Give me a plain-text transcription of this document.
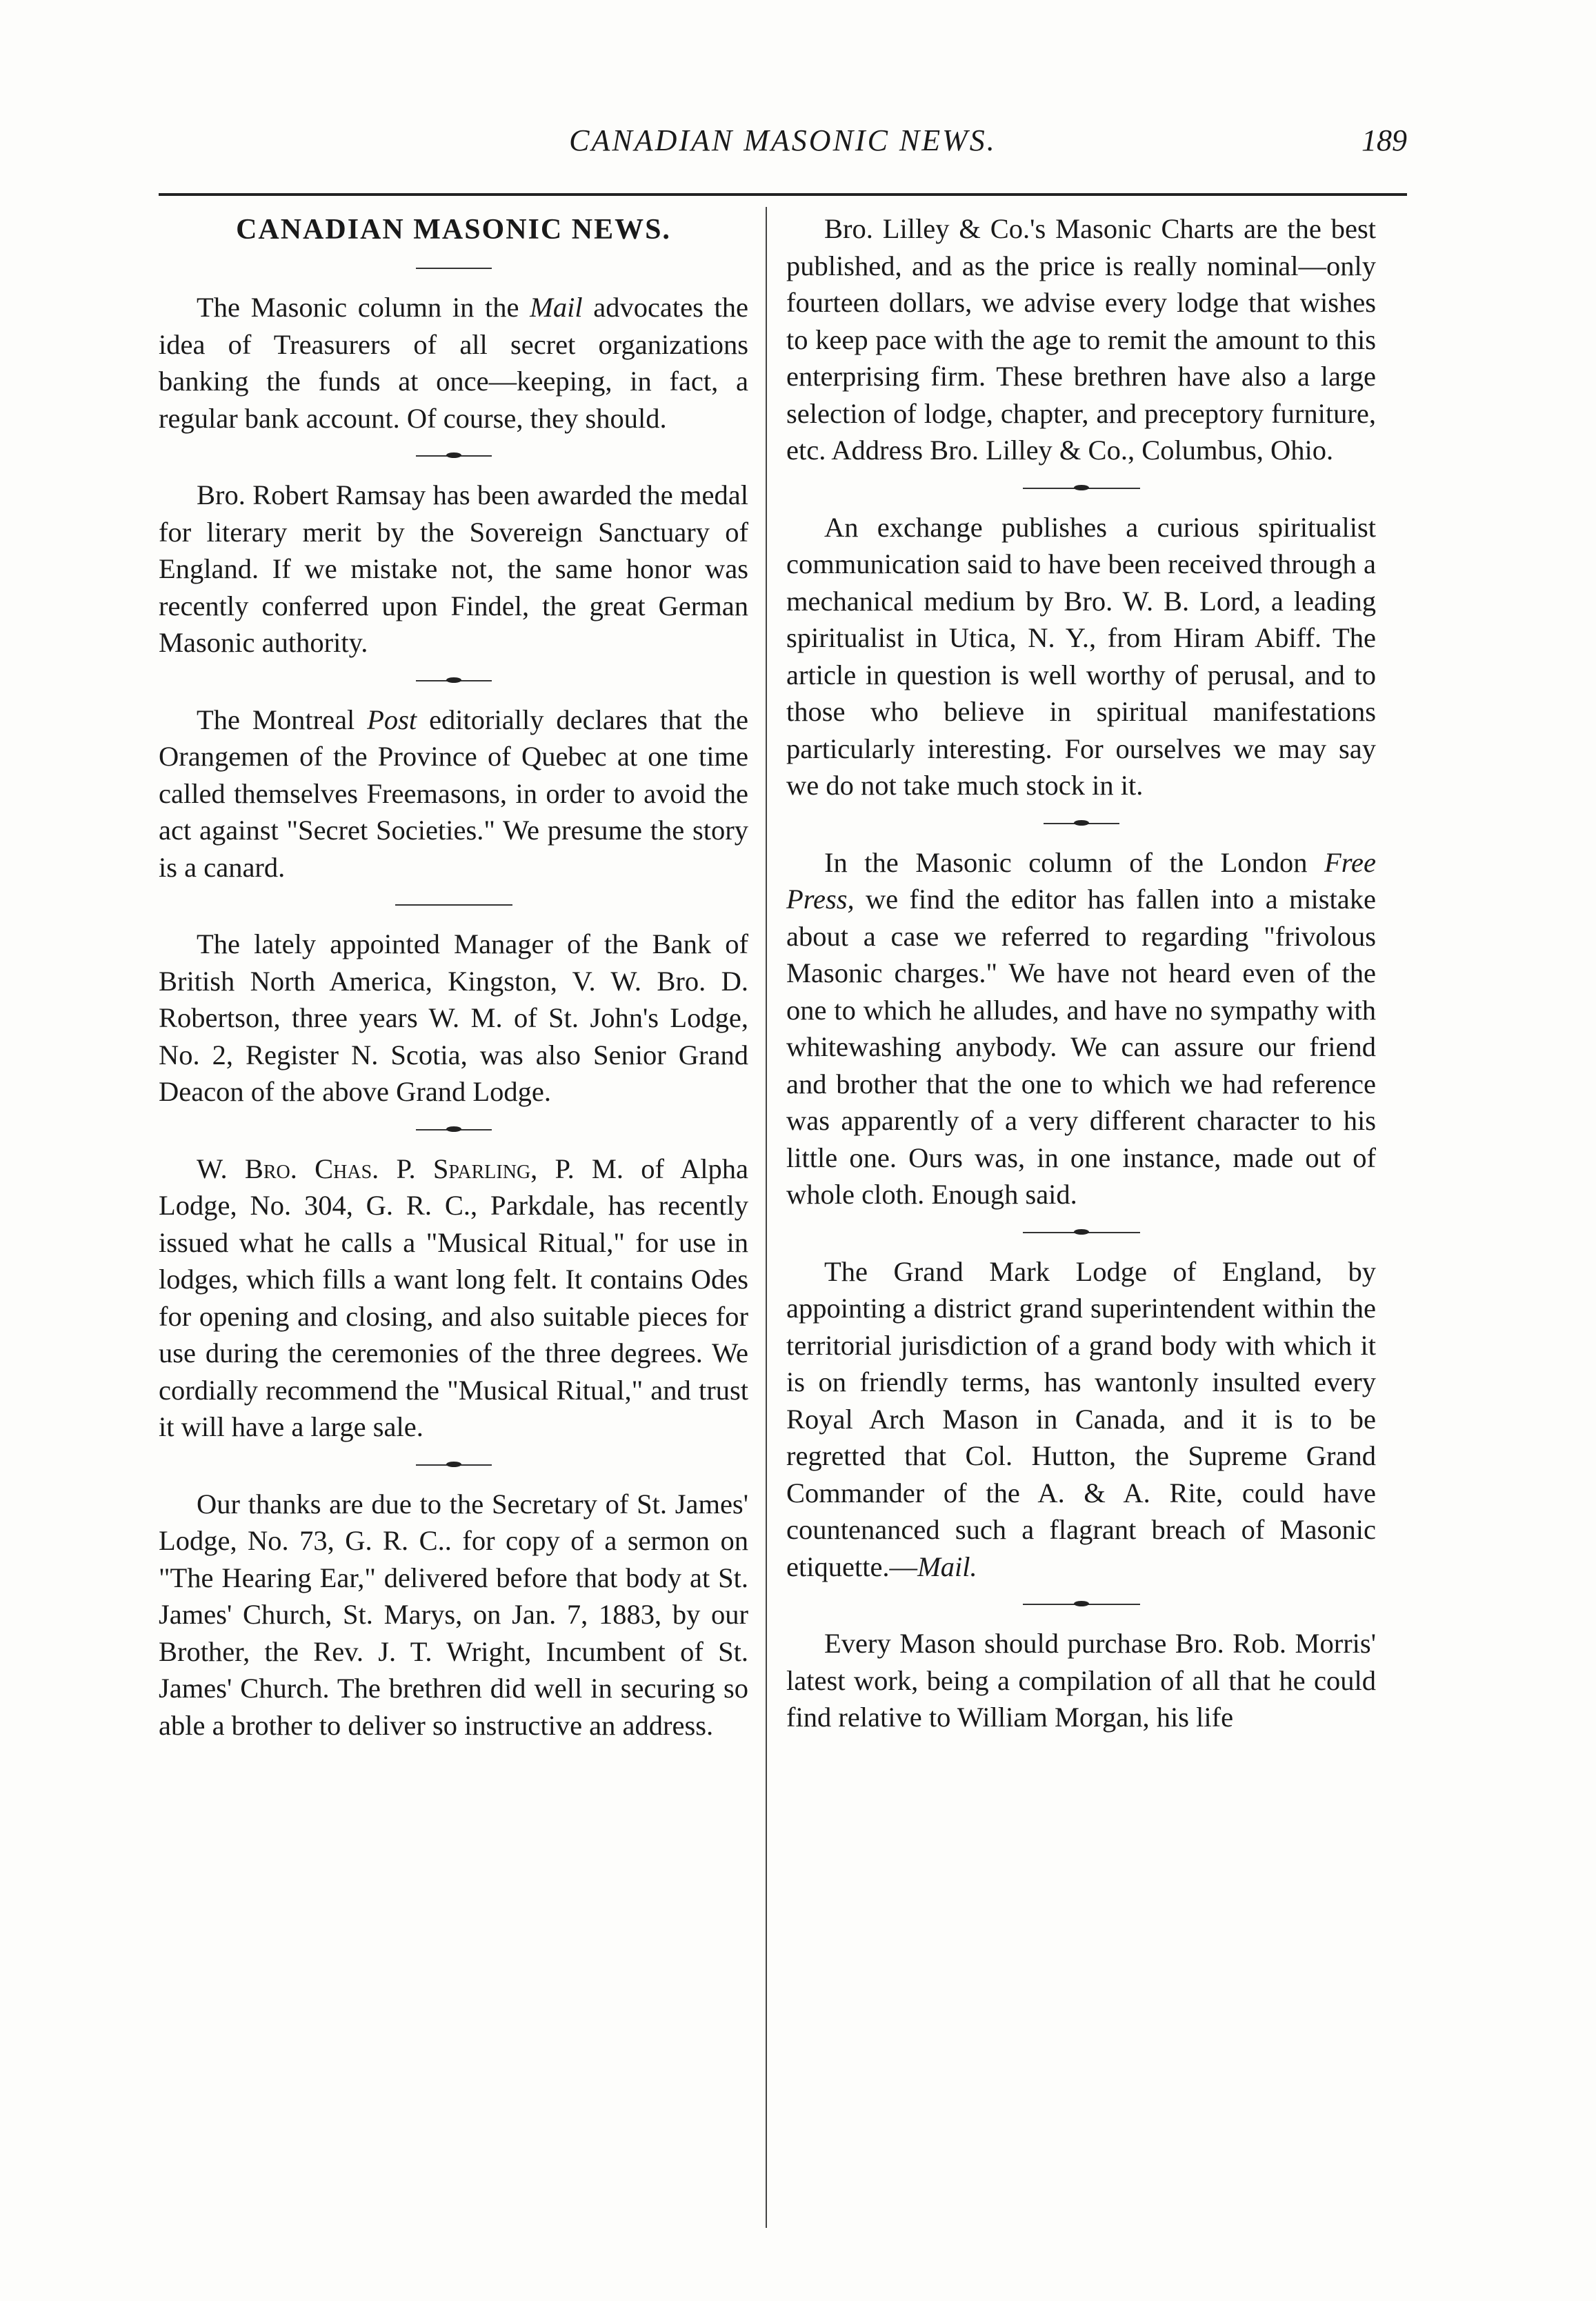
CANADIAN MASONIC NEWS.	189
CANADIAN MASONIC NEWS.

The Masonic column in the Mail advocates the idea of Treasurers of all secret organizations banking the funds at once—keeping, in fact, a regular bank account. Of course, they should.

Bro. Robert Ramsay has been awarded the medal for literary merit by the Sovereign Sanctuary of England. If we mistake not, the same honor was recently conferred upon Findel, the great German Masonic authority.

The Montreal Post editorially declares that the Orangemen of the Province of Quebec at one time called themselves Freemasons, in order to avoid the act against "Secret Societies." We presume the story is a canard.

The lately appointed Manager of the Bank of British North America, Kingston, V. W. Bro. D. Robertson, three years W. M. of St. John's Lodge, No. 2, Register N. Scotia, was also Senior Grand Deacon of the above Grand Lodge.

W. Bro. Chas. P. Sparling, P. M. of Alpha Lodge, No. 304, G. R. C., Parkdale, has recently issued what he calls a "Musical Ritual," for use in lodges, which fills a want long felt. It contains Odes for opening and closing, and also suitable pieces for use during the ceremonies of the three degrees. We cordially recommend the "Musical Ritual," and trust it will have a large sale.

Our thanks are due to the Secretary of St. James' Lodge, No. 73, G. R. C.. for copy of a sermon on "The Hearing Ear," delivered before that body at St. James' Church, St. Marys, on Jan. 7, 1883, by our Brother, the Rev. J. T. Wright, Incumbent of St. James' Church. The brethren did well in securing so able a brother to deliver so instructive an address.

Bro. Lilley & Co.'s Masonic Charts are the best published, and as the price is really nominal—only fourteen dollars, we advise every lodge that wishes to keep pace with the age to remit the amount to this enterprising firm. These brethren have also a large selection of lodge, chapter, and preceptory furniture, etc. Address Bro. Lilley & Co., Columbus, Ohio.

An exchange publishes a curious spiritualist communication said to have been received through a mechanical medium by Bro. W. B. Lord, a leading spiritualist in Utica, N. Y., from Hiram Abiff. The article in question is well worthy of perusal, and to those who believe in spiritual manifestations particularly interesting. For ourselves we may say we do not take much stock in it.

In the Masonic column of the London Free Press, we find the editor has fallen into a mistake about a case we referred to regarding "frivolous Masonic charges." We have not heard even of the one to which he alludes, and have no sympathy with whitewashing anybody. We can assure our friend and brother that the one to which we had reference was apparently of a very different character to his little one. Ours was, in one instance, made out of whole cloth. Enough said.

The Grand Mark Lodge of England, by appointing a district grand superintendent within the territorial jurisdiction of a grand body with which it is on friendly terms, has wantonly insulted every Royal Arch Mason in Canada, and it is to be regretted that Col. Hutton, the Supreme Grand Commander of the A. & A. Rite, could have countenanced such a flagrant breach of Masonic etiquette.—Mail.

Every Mason should purchase Bro. Rob. Morris' latest work, being a compilation of all that he could find relative to William Morgan, his life
